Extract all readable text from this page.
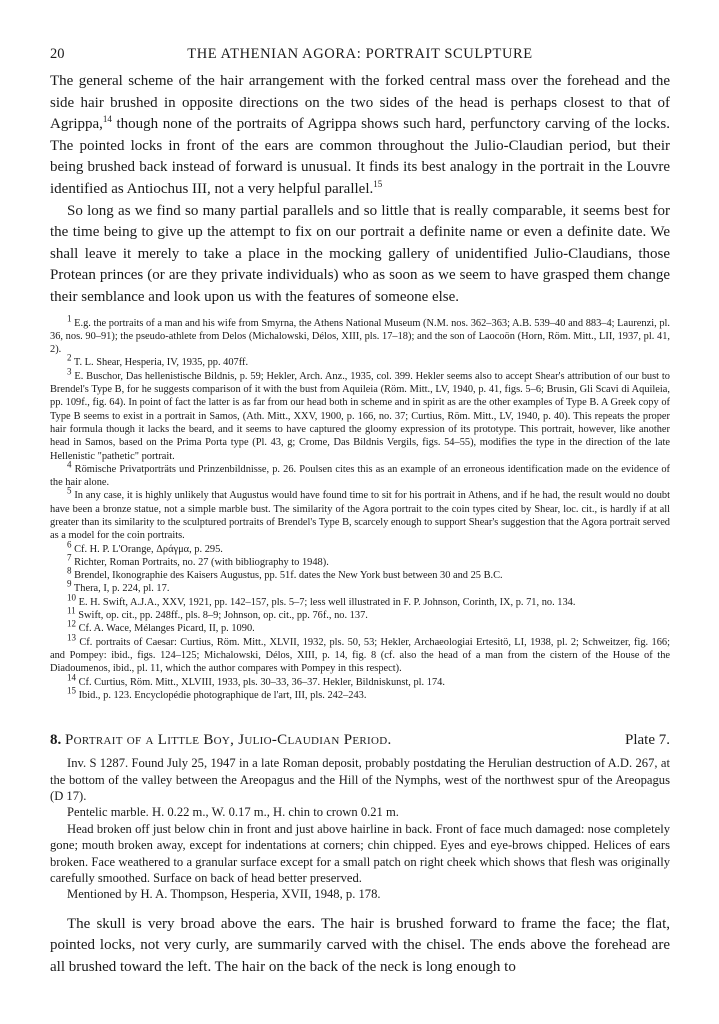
20	THE ATHENIAN AGORA: PORTRAIT SCULPTURE

The general scheme of the hair arrangement with the forked central mass over the forehead and the side hair brushed in opposite directions on the two sides of the head is perhaps closest to that of Agrippa,$^{14}$ though none of the portraits of Agrippa shows such hard, perfunctory carving of the locks. The pointed locks in front of the ears are common throughout the Julio-Claudian period, but their being brushed back instead of forward is unusual. It finds its best analogy in the portrait in the Louvre identified as Antiochus III, not a very helpful parallel.$^{15}$

So long as we find so many partial parallels and so little that is really comparable, it seems best for the time being to give up the attempt to fix on our portrait a definite name or even a definite date. We shall leave it merely to take a place in the mocking gallery of unidentified Julio-Claudians, those Protean princes (or are they private individuals) who as soon as we seem to have grasped them change their semblance and look upon us with the features of someone else.

$^1$ E.g. the portraits of a man and his wife from Smyrna, the Athens National Museum (N.M. nos. 362–363; A.B. 539–40 and 883–4; Laurenzi, pl. 36, nos. 90–91); the pseudo-athlete from Delos (Michalowski, Délos, XIII, pls. 17–18); and the son of Laocoön (Horn, Röm. Mitt., LII, 1937, pl. 41, 2).

$^2$ T. L. Shear, Hesperia, IV, 1935, pp. 407ff.

$^3$ E. Buschor, Das hellenistische Bildnis, p. 59; Hekler, Arch. Anz., 1935, col. 399. Hekler seems also to accept Shear's attribution of our bust to Brendel's Type B, for he suggests comparison of it with the bust from Aquileia (Röm. Mitt., LV, 1940, p. 41, figs. 5–6; Brusin, Gli Scavi di Aquileia, pp. 109f., fig. 64). In point of fact the latter is as far from our head both in scheme and in spirit as are the other examples of Type B. A Greek copy of Type B seems to exist in a portrait in Samos, (Ath. Mitt., XXV, 1900, p. 166, no. 37; Curtius, Röm. Mitt., LV, 1940, p. 40). This repeats the proper hair formula though it lacks the beard, and it seems to have captured the gloomy expression of its prototype. This portrait, however, like another head in Samos, based on the Prima Porta type (Pl. 43, g; Crome, Das Bildnis Vergils, figs. 54–55), modifies the type in the direction of the late Hellenistic "pathetic" portrait.

$^4$ Römische Privatporträts und Prinzenbildnisse, p. 26. Poulsen cites this as an example of an erroneous identification made on the evidence of the hair alone.

$^5$ In any case, it is highly unlikely that Augustus would have found time to sit for his portrait in Athens, and if he had, the result would no doubt have been a bronze statue, not a simple marble bust. The similarity of the Agora portrait to the coin types cited by Shear, loc. cit., is hardly if at all greater than its similarity to the sculptured portraits of Brendel's Type B, scarcely enough to support Shear's suggestion that the Agora portrait served as a model for the coin portraits.

$^6$ Cf. H. P. L'Orange, Δράγμα, p. 295.

$^7$ Richter, Roman Portraits, no. 27 (with bibliography to 1948).

$^8$ Brendel, Ikonographie des Kaisers Augustus, pp. 51f. dates the New York bust between 30 and 25 B.C.

$^9$ Thera, I, p. 224, pl. 17.

$^{10}$ E. H. Swift, A.J.A., XXV, 1921, pp. 142–157, pls. 5–7; less well illustrated in F. P. Johnson, Corinth, IX, p. 71, no. 134.

$^{11}$ Swift, op. cit., pp. 248ff., pls. 8–9; Johnson, op. cit., pp. 76f., no. 137.

$^{12}$ Cf. A. Wace, Mélanges Picard, II, p. 1090.

$^{13}$ Cf. portraits of Caesar: Curtius, Röm. Mitt., XLVII, 1932, pls. 50, 53; Hekler, Archaeologiai Ertesitö, LI, 1938, pl. 2; Schweitzer, fig. 166; and Pompey: ibid., figs. 124–125; Michalowski, Délos, XIII, p. 14, fig. 8 (cf. also the head of a man from the cistern of the House of the Diadoumenos, ibid., pl. 11, which the author compares with Pompey in this respect).

$^{14}$ Cf. Curtius, Röm. Mitt., XLVIII, 1933, pls. 30–33, 36–37. Hekler, Bildniskunst, pl. 174.

$^{15}$ Ibid., p. 123. Encyclopédie photographique de l'art, III, pls. 242–243.

8. Portrait of a Little Boy, Julio-Claudian Period.	Plate 7.

Inv. S 1287. Found July 25, 1947 in a late Roman deposit, probably postdating the Herulian destruction of A.D. 267, at the bottom of the valley between the Areopagus and the Hill of the Nymphs, west of the northwest spur of the Areopagus (D 17).

Pentelic marble. H. 0.22 m., W. 0.17 m., H. chin to crown 0.21 m.

Head broken off just below chin in front and just above hairline in back. Front of face much damaged: nose completely gone; mouth broken away, except for indentations at corners; chin chipped. Eyes and eye-brows chipped. Helices of ears broken. Face weathered to a granular surface except for a small patch on right cheek which shows that flesh was originally carefully smoothed. Surface on back of head better preserved.

Mentioned by H. A. Thompson, Hesperia, XVII, 1948, p. 178.

The skull is very broad above the ears. The hair is brushed forward to frame the face; the flat, pointed locks, not very curly, are summarily carved with the chisel. The ends above the forehead are all brushed toward the left. The hair on the back of the neck is long enough to
